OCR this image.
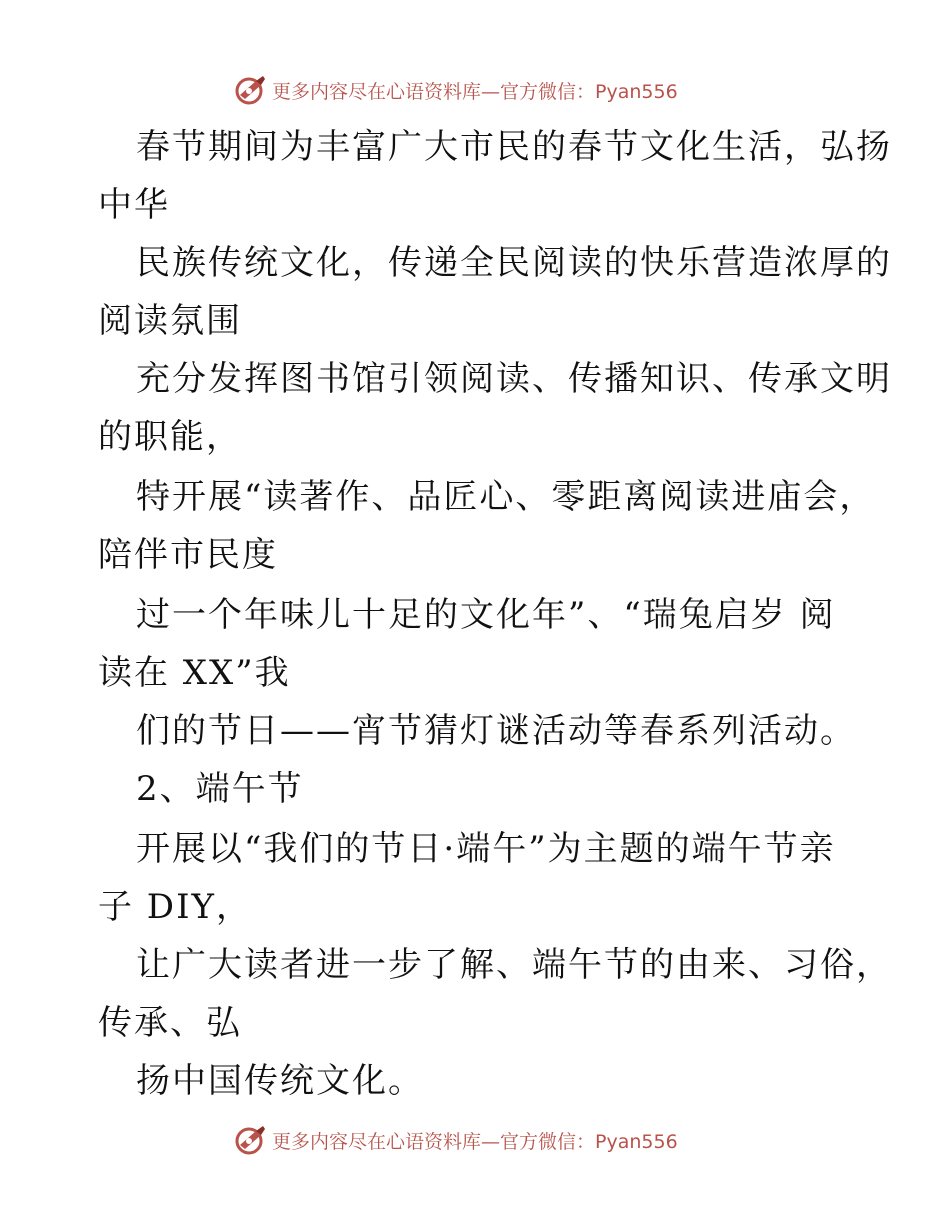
更多内容尽在心语资料库—官方微信：Pyan556
春节期间为丰富广大市民的春节文化生活，弘扬
中华
民族传统文化，传递全民阅读的快乐营造浓厚的
阅读氛围
充分发挥图书馆引领阅读、传播知识、传承文明
的职能，
特开展“读著作、品匠心、零距离阅读进庙会，
陪伴市民度
过一个年味儿十足的文化年”、“瑞兔启岁 阅
读在 XX”我
们的节日——宵节猜灯谜活动等春系列活动。
2、端午节
开展以“我们的节日·端午”为主题的端午节亲
子 DIY，
让广大读者进一步了解、端午节的由来、习俗，
传承、弘
扬中国传统文化。
更多内容尽在心语资料库—官方微信：Pyan556
